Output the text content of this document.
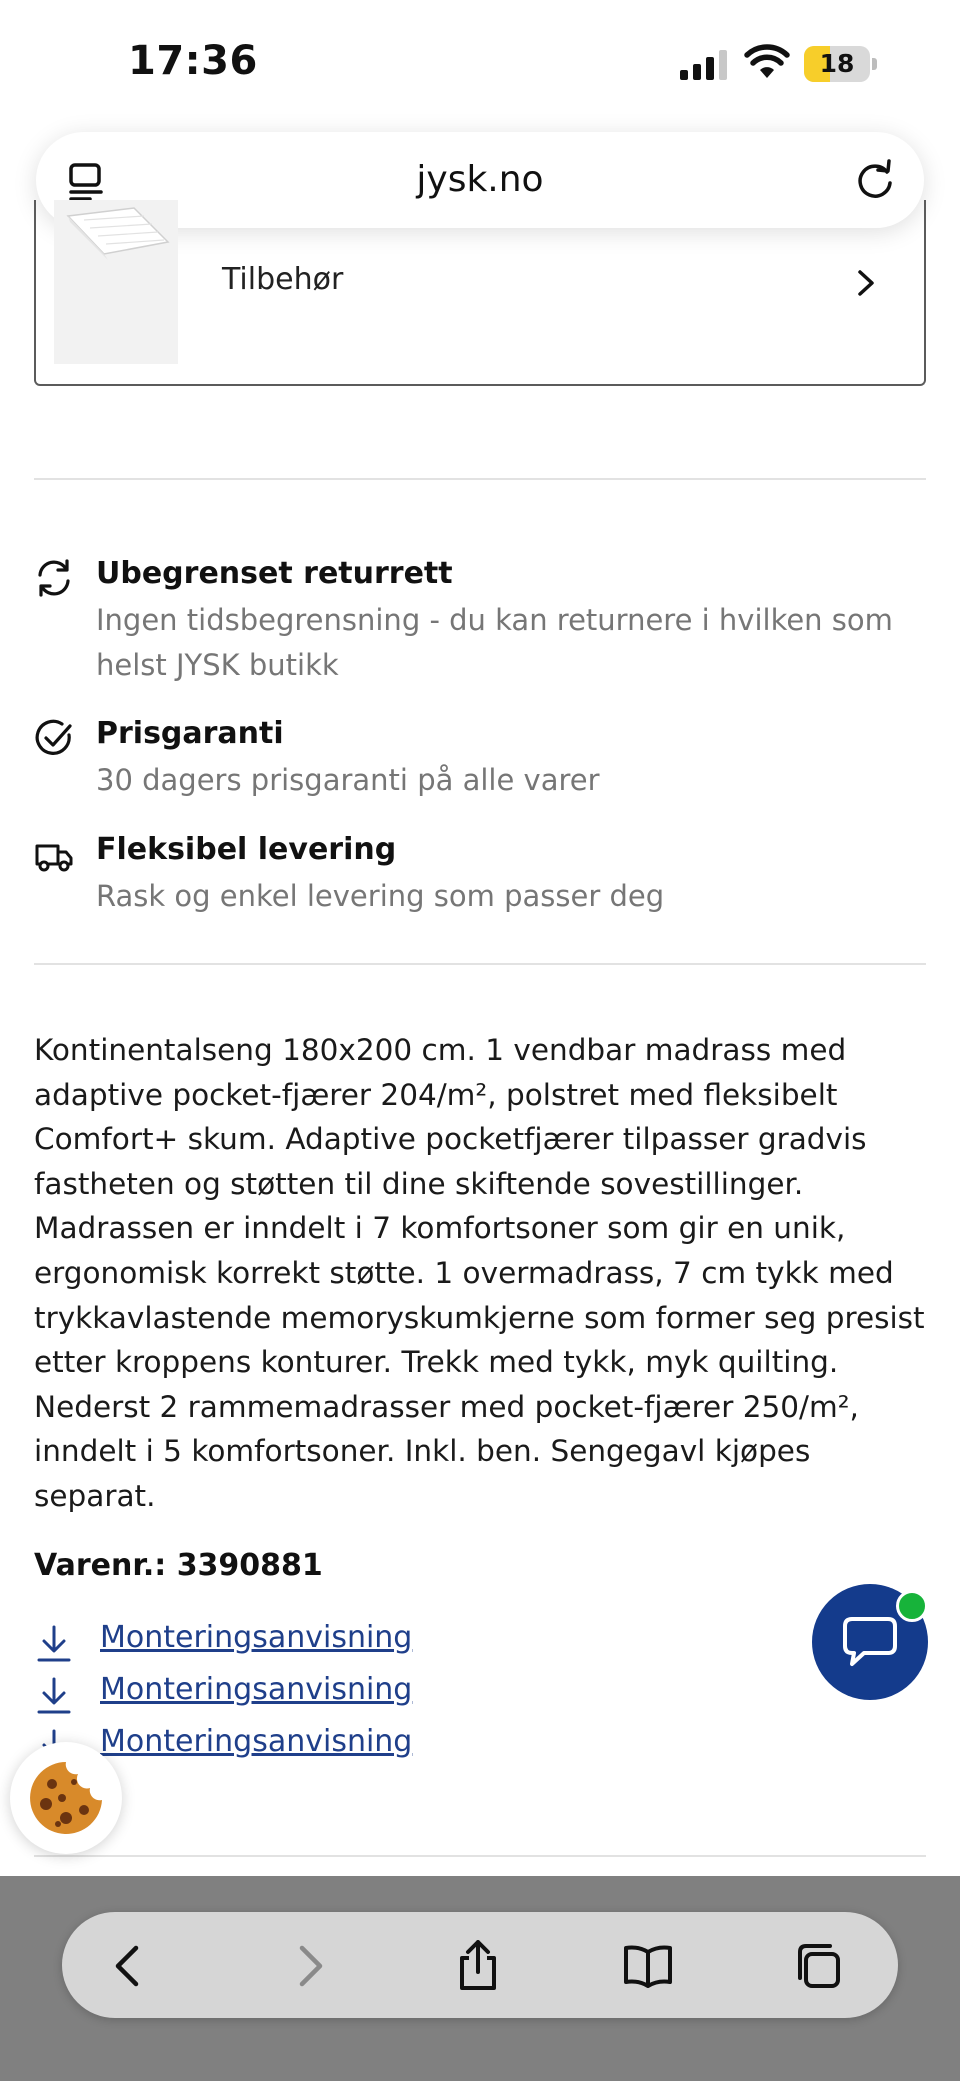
17:36	18
jysk.no
Tilbehør
Ubegrenset returrett
Ingen tidsbegrensning - du kan returnere i hvilken som helst JYSK butikk
Prisgaranti
30 dagers prisgaranti på alle varer
Fleksibel levering
Rask og enkel levering som passer deg
Kontinentalseng 180x200 cm. 1 vendbar madrass med adaptive pocket-fjærer 204/m², polstret med fleksibelt Comfort+ skum. Adaptive pocketfjærer tilpasser gradvis fastheten og støtten til dine skiftende sovestillinger. Madrassen er inndelt i 7 komfortsoner som gir en unik, ergonomisk korrekt støtte. 1 overmadrass, 7 cm tykk med trykkavlastende memoryskumkjerne som former seg presist etter kroppens konturer. Trekk med tykk, myk quilting. Nederst 2 rammemadrasser med pocket-fjærer 250/m², inndelt i 5 komfortsoner. Inkl. ben. Sengegavl kjøpes separat.
Varenr.: 3390881
Monteringsanvisning
Monteringsanvisning
Monteringsanvisning
